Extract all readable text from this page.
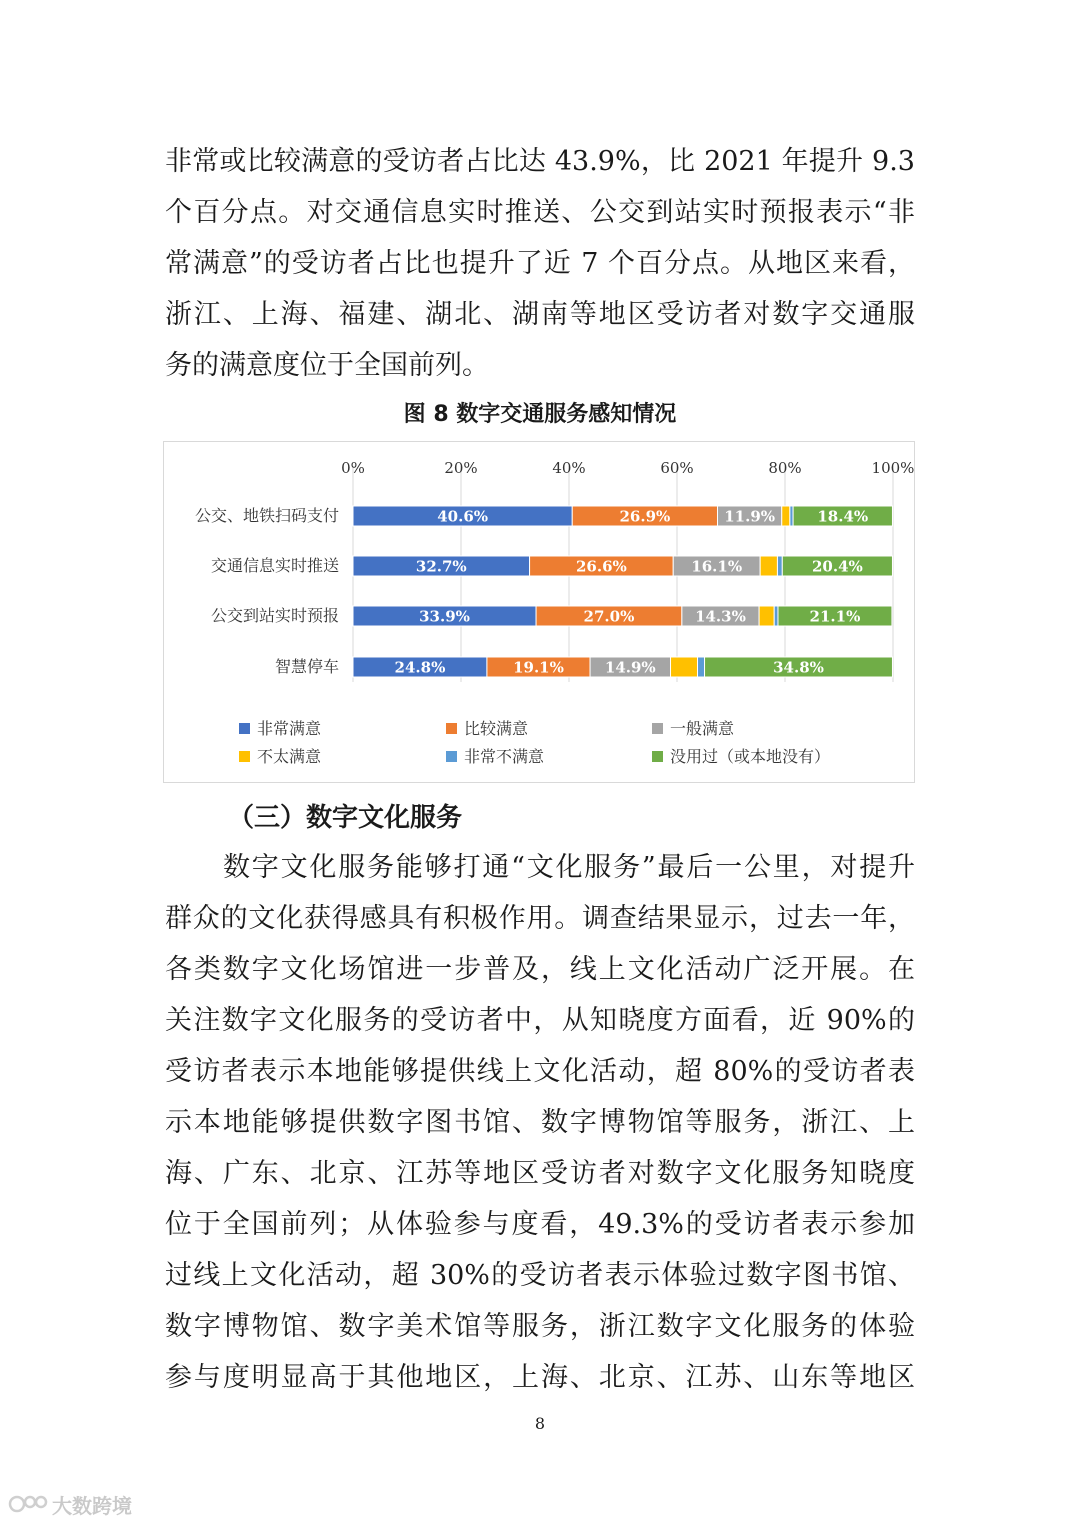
非常或比较满意的受访者占比达 43.9%，比 2021 年提升 9.3
个百分点。对交通信息实时推送、公交到站实时预报表示“非
常满意”的受访者占比也提升了近 7 个百分点。从地区来看，
浙江、上海、福建、湖北、湖南等地区受访者对数字交通服
务的满意度位于全国前列。
图 8 数字交通服务感知情况
0%	20%	40%	60%	80%	100%
公交、地铁扫码支付
交通信息实时推送
公交到站实时预报
智慧停车
40.6%	26.9%	11.9%	18.4%
32.7%	26.6%	16.1%	20.4%
33.9%	27.0%	14.3%	21.1%
24.8%	19.1%	14.9%	34.8%
非常满意	比较满意	一般满意
不太满意	非常不满意	没用过（或本地没有）
（三）数字文化服务
数字文化服务能够打通“文化服务”最后一公里，对提升
群众的文化获得感具有积极作用。调查结果显示，过去一年，
各类数字文化场馆进一步普及，线上文化活动广泛开展。在
关注数字文化服务的受访者中，从知晓度方面看，近 90%的
受访者表示本地能够提供线上文化活动，超 80%的受访者表
示本地能够提供数字图书馆、数字博物馆等服务，浙江、上
海、广东、北京、江苏等地区受访者对数字文化服务知晓度
位于全国前列；从体验参与度看，49.3%的受访者表示参加
过线上文化活动，超 30%的受访者表示体验过数字图书馆、
数字博物馆、数字美术馆等服务，浙江数字文化服务的体验
参与度明显高于其他地区，上海、北京、江苏、山东等地区
8
大数跨境
